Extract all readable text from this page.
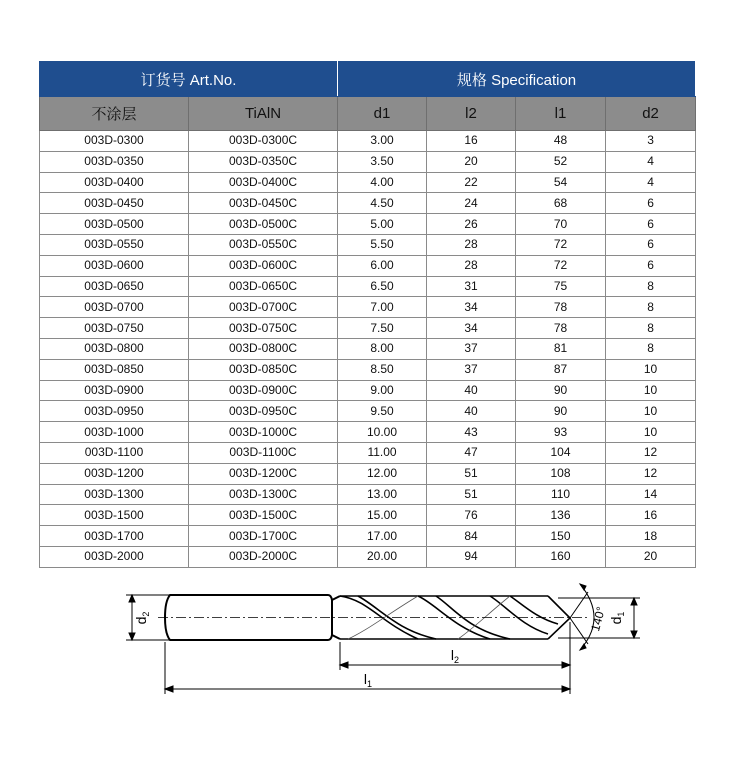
订货号 Art.No.		规格 Specification			
不涂层	TiAlN	d1	l2	l1	d2
003D-0300	003D-0300C	3.00	16	48	3
003D-0350	003D-0350C	3.50	20	52	4
003D-0400	003D-0400C	4.00	22	54	4
003D-0450	003D-0450C	4.50	24	68	6
003D-0500	003D-0500C	5.00	26	70	6
003D-0550	003D-0550C	5.50	28	72	6
003D-0600	003D-0600C	6.00	28	72	6
003D-0650	003D-0650C	6.50	31	75	8
003D-0700	003D-0700C	7.00	34	78	8
003D-0750	003D-0750C	7.50	34	78	8
003D-0800	003D-0800C	8.00	37	81	8
003D-0850	003D-0850C	8.50	37	87	10
003D-0900	003D-0900C	9.00	40	90	10
003D-0950	003D-0950C	9.50	40	90	10
003D-1000	003D-1000C	10.00	43	93	10
003D-1100	003D-1100C	11.00	47	104	12
003D-1200	003D-1200C	12.00	51	108	12
003D-1300	003D-1300C	13.00	51	110	14
003D-1500	003D-1500C	15.00	76	136	16
003D-1700	003D-1700C	17.00	84	150	18
003D-2000	003D-2000C	20.00	94	160	20
$d_2$
$d_1$
140°
$l_2$
$l_1$
